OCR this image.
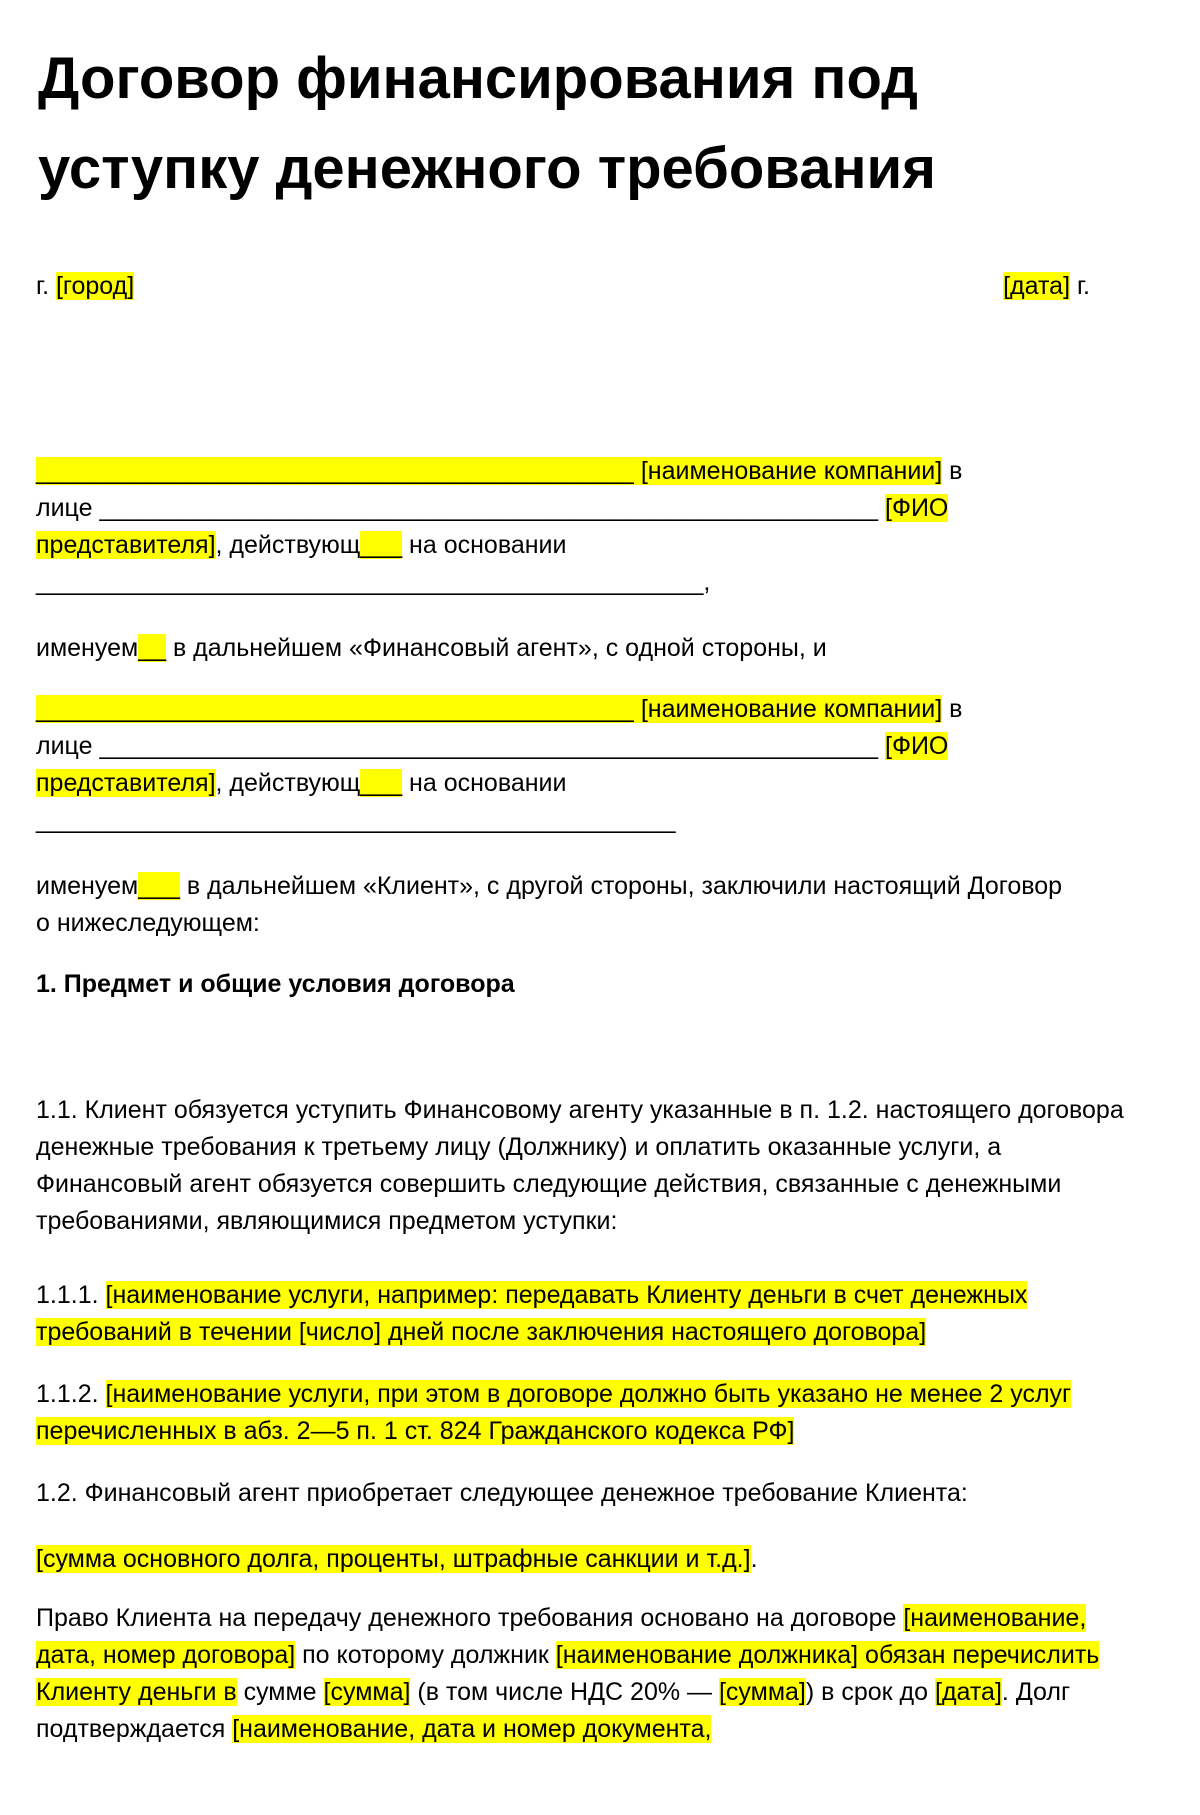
Договор финансирования под
уступку денежного требования
г. [город]	[дата] г.

___________________________________________ [наименование компании] в
лице ________________________________________________________ [ФИО
представителя], действующ___ на основании
________________________________________________,

именуем__ в дальнейшем «Финансовый агент», с одной стороны, и

___________________________________________ [наименование компании] в
лице ________________________________________________________ [ФИО
представителя], действующ___ на основании
______________________________________________

именуем___ в дальнейшем «Клиент», с другой стороны, заключили настоящий Договор о нижеследующем:

1. Предмет и общие условия договора

1.1. Клиент обязуется уступить Финансовому агенту указанные в п. 1.2. настоящего договора денежные требования к третьему лицу (Должнику) и оплатить оказанные услуги, а Финансовый агент обязуется совершить следующие действия, связанные с денежными требованиями, являющимися предметом уступки:

1.1.1. [наименование услуги, например: передавать Клиенту деньги в счет денежных требований в течении [число] дней после заключения настоящего договора]

1.1.2. [наименование услуги, при этом в договоре должно быть указано не менее 2 услуг перечисленных в абз. 2—5 п. 1 ст. 824 Гражданского кодекса РФ]

1.2. Финансовый агент приобретает следующее денежное требование Клиента:

[сумма основного долга, проценты, штрафные санкции и т.д.].

Право Клиента на передачу денежного требования основано на договоре [наименование, дата, номер договора] по которому должник [наименование должника] обязан перечислить Клиенту деньги в сумме [сумма] (в том числе НДС 20% — [сумма]) в срок до [дата]. Долг подтверждается [наименование, дата и номер документа,
